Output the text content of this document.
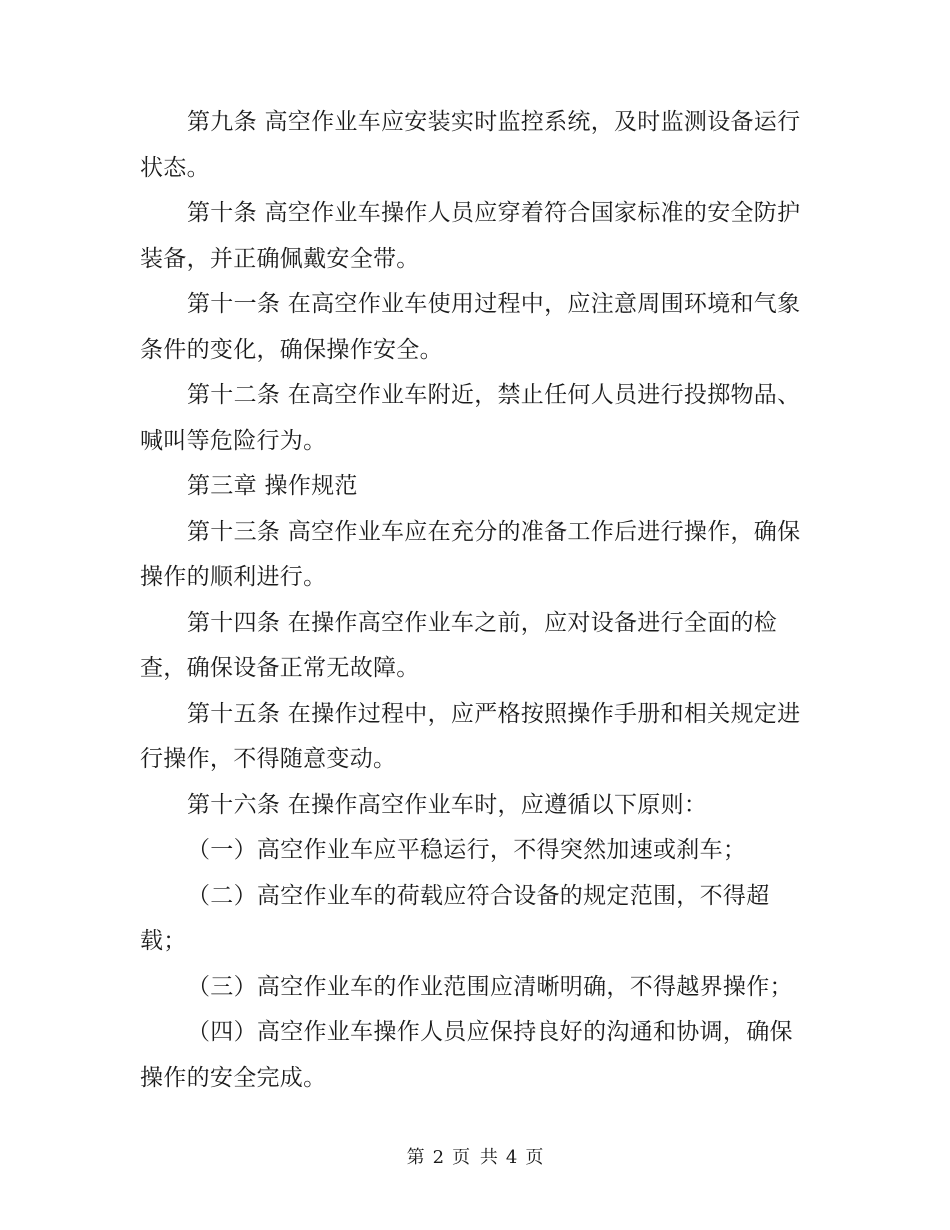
第九条 高空作业车应安装实时监控系统，及时监测设备运行状态。

第十条 高空作业车操作人员应穿着符合国家标准的安全防护装备，并正确佩戴安全带。

第十一条 在高空作业车使用过程中，应注意周围环境和气象条件的变化，确保操作安全。

第十二条 在高空作业车附近，禁止任何人员进行投掷物品、喊叫等危险行为。

第三章 操作规范

第十三条 高空作业车应在充分的准备工作后进行操作，确保操作的顺利进行。

第十四条 在操作高空作业车之前，应对设备进行全面的检查，确保设备正常无故障。

第十五条 在操作过程中，应严格按照操作手册和相关规定进行操作，不得随意变动。

第十六条 在操作高空作业车时，应遵循以下原则：

（一）高空作业车应平稳运行，不得突然加速或刹车；

（二）高空作业车的荷载应符合设备的规定范围，不得超载；

（三）高空作业车的作业范围应清晰明确，不得越界操作；

（四）高空作业车操作人员应保持良好的沟通和协调，确保操作的安全完成。

第 2 页 共 4 页
